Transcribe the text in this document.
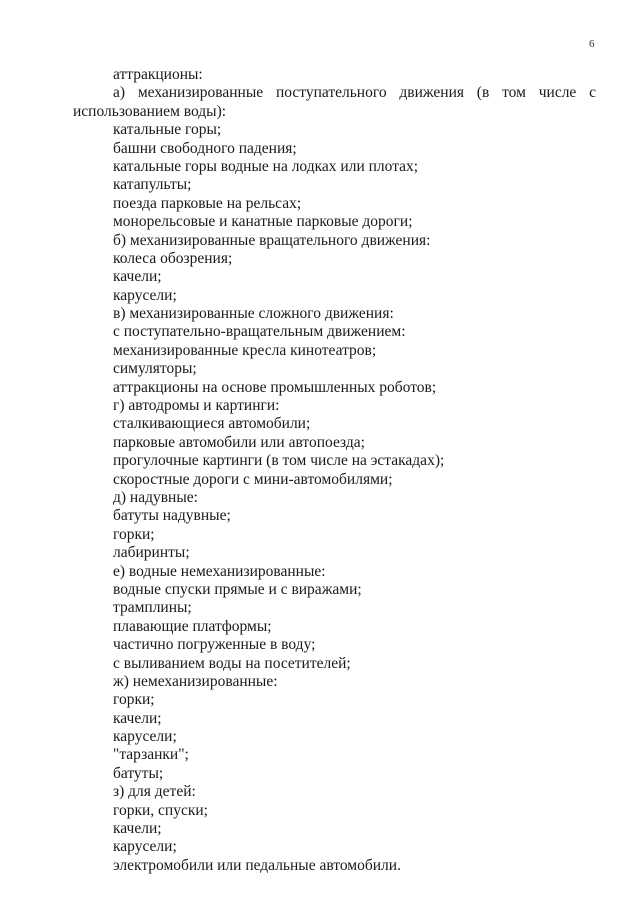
6
аттракционы:
а) механизированные поступательного движения (в том числе с
использованием воды):
катальные горы;
башни свободного падения;
катальные горы водные на лодках или плотах;
катапульты;
поезда парковые на рельсах;
монорельсовые и канатные парковые дороги;
б) механизированные вращательного движения:
колеса обозрения;
качели;
карусели;
в) механизированные сложного движения:
с поступательно-вращательным движением:
механизированные кресла кинотеатров;
симуляторы;
аттракционы на основе промышленных роботов;
г) автодромы и картинги:
сталкивающиеся автомобили;
парковые автомобили или автопоезда;
прогулочные картинги (в том числе на эстакадах);
скоростные дороги с мини-автомобилями;
д) надувные:
батуты надувные;
горки;
лабиринты;
е) водные немеханизированные:
водные спуски прямые и с виражами;
трамплины;
плавающие платформы;
частично погруженные в воду;
с выливанием воды на посетителей;
ж) немеханизированные:
горки;
качели;
карусели;
"тарзанки";
батуты;
з) для детей:
горки, спуски;
качели;
карусели;
электромобили или педальные автомобили.
